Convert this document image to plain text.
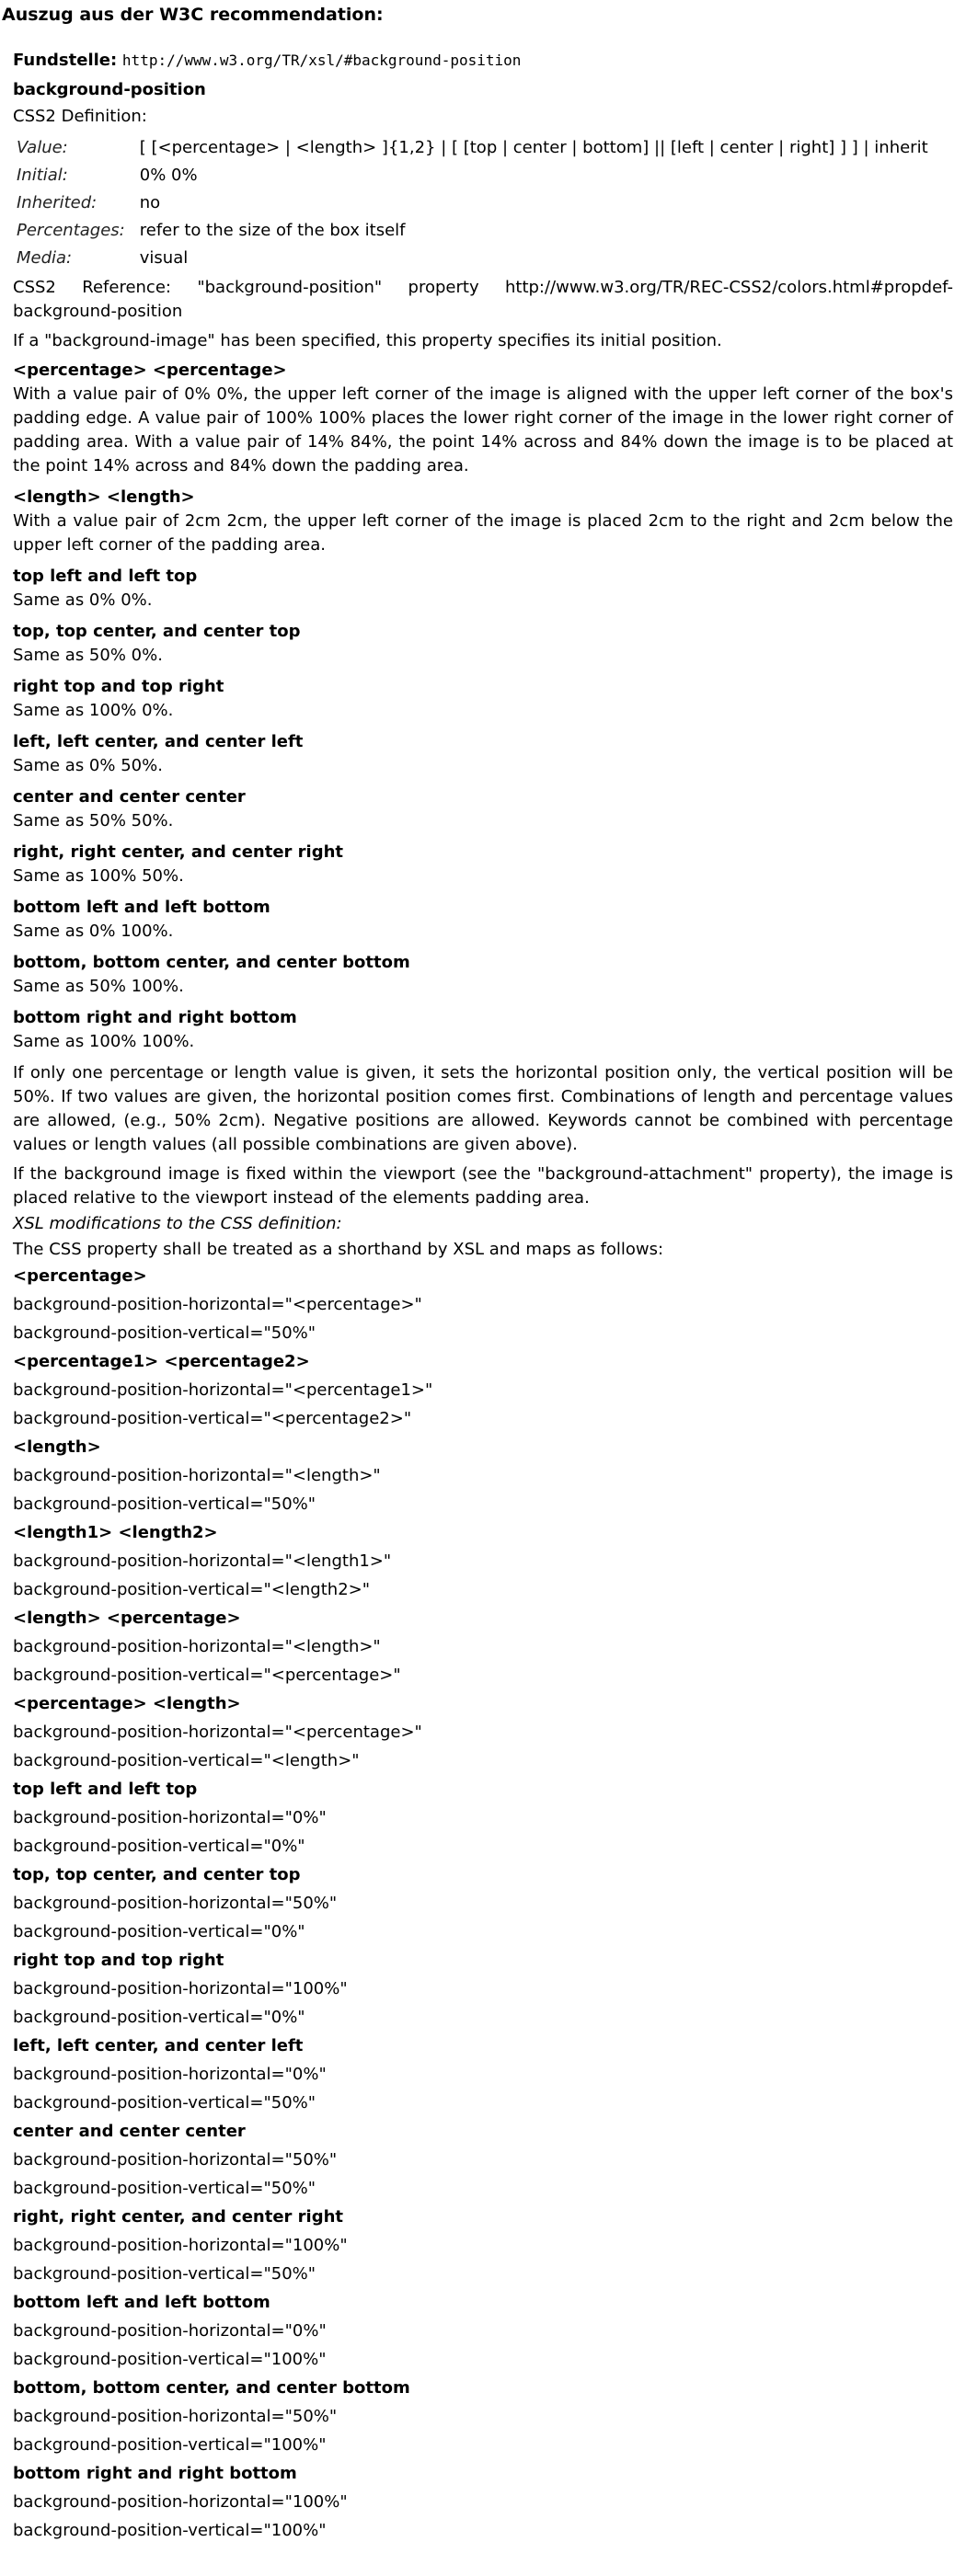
Auszug aus der W3C recommendation:
Fundstelle: http://www.w3.org/TR/xsl/#background-position
background-position
CSS2 Definition:
Value:	[ [<percentage> | <length> ]{1,2} | [ [top | center | bottom] || [left | center | right] ] ] | inherit
Initial:	0% 0%
Inherited:	no
Percentages:	refer to the size of the box itself
Media:	visual
CSS2 Reference: "background-position" property http://www.w3.org/TR/REC-CSS2/colors.html#propdef-background-position
If a "background-image" has been specified, this property specifies its initial position.
<percentage> <percentage>
With a value pair of 0% 0%, the upper left corner of the image is aligned with the upper left corner of the box's padding edge. A value pair of 100% 100% places the lower right corner of the image in the lower right corner of padding area. With a value pair of 14% 84%, the point 14% across and 84% down the image is to be placed at the point 14% across and 84% down the padding area.
<length> <length>
With a value pair of 2cm 2cm, the upper left corner of the image is placed 2cm to the right and 2cm below the upper left corner of the padding area.
top left and left top
Same as 0% 0%.
top, top center, and center top
Same as 50% 0%.
right top and top right
Same as 100% 0%.
left, left center, and center left
Same as 0% 50%.
center and center center
Same as 50% 50%.
right, right center, and center right
Same as 100% 50%.
bottom left and left bottom
Same as 0% 100%.
bottom, bottom center, and center bottom
Same as 50% 100%.
bottom right and right bottom
Same as 100% 100%.
If only one percentage or length value is given, it sets the horizontal position only, the vertical position will be 50%. If two values are given, the horizontal position comes first. Combinations of length and percentage values are allowed, (e.g., 50% 2cm). Negative positions are allowed. Keywords cannot be combined with percentage values or length values (all possible combinations are given above).
If the background image is fixed within the viewport (see the "background-attachment" property), the image is placed relative to the viewport instead of the elements padding area.
XSL modifications to the CSS definition:
The CSS property shall be treated as a shorthand by XSL and maps as follows:
<percentage>
background-position-horizontal="<percentage>"
background-position-vertical="50%"
<percentage1> <percentage2>
background-position-horizontal="<percentage1>"
background-position-vertical="<percentage2>"
<length>
background-position-horizontal="<length>"
background-position-vertical="50%"
<length1> <length2>
background-position-horizontal="<length1>"
background-position-vertical="<length2>"
<length> <percentage>
background-position-horizontal="<length>"
background-position-vertical="<percentage>"
<percentage> <length>
background-position-horizontal="<percentage>"
background-position-vertical="<length>"
top left and left top
background-position-horizontal="0%"
background-position-vertical="0%"
top, top center, and center top
background-position-horizontal="50%"
background-position-vertical="0%"
right top and top right
background-position-horizontal="100%"
background-position-vertical="0%"
left, left center, and center left
background-position-horizontal="0%"
background-position-vertical="50%"
center and center center
background-position-horizontal="50%"
background-position-vertical="50%"
right, right center, and center right
background-position-horizontal="100%"
background-position-vertical="50%"
bottom left and left bottom
background-position-horizontal="0%"
background-position-vertical="100%"
bottom, bottom center, and center bottom
background-position-horizontal="50%"
background-position-vertical="100%"
bottom right and right bottom
background-position-horizontal="100%"
background-position-vertical="100%"
